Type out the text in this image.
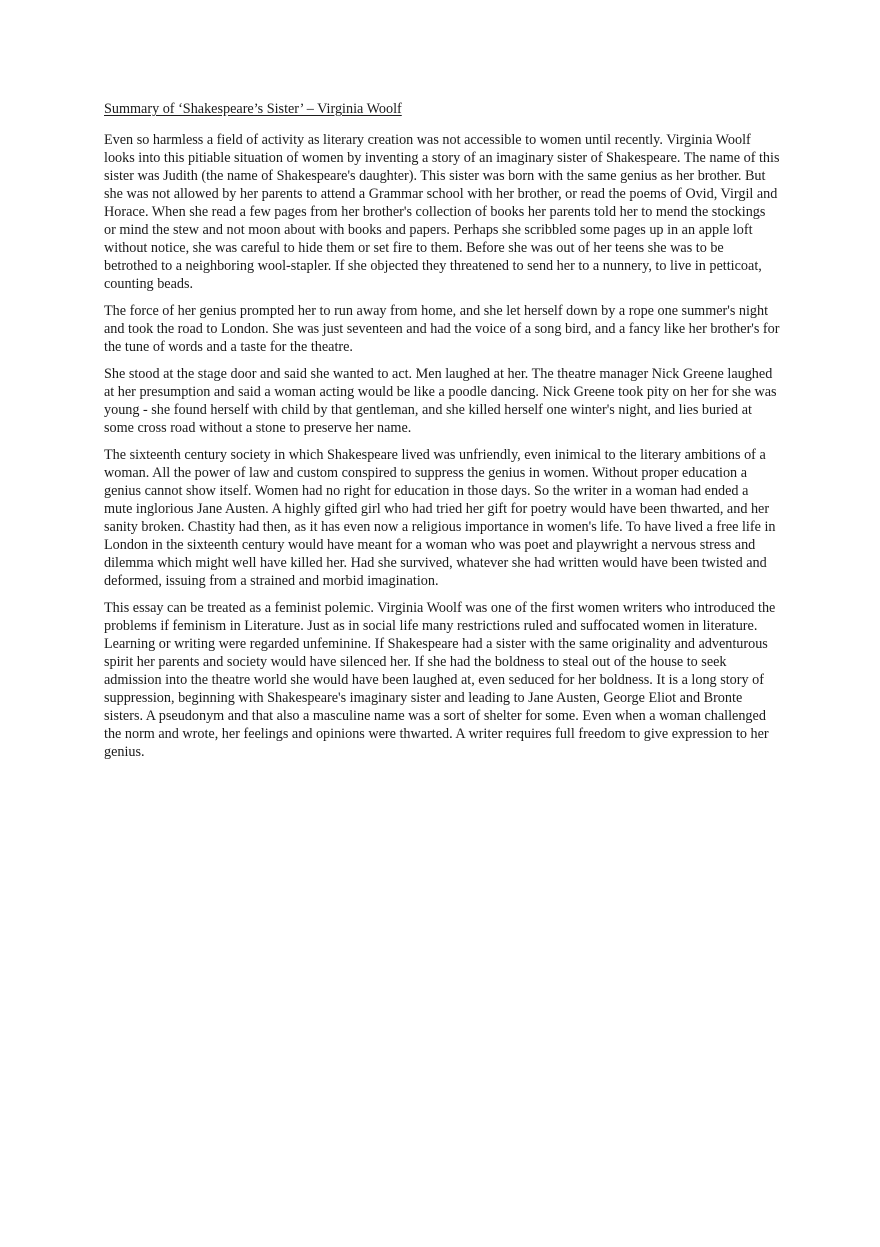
Summary of ‘Shakespeare’s Sister’ – Virginia Woolf

Even so harmless a field of activity as literary creation was not accessible to women until recently. Virginia Woolf looks into this pitiable situation of women by inventing a story of an imaginary sister of Shakespeare. The name of this sister was Judith (the name of Shakespeare's daughter). This sister was born with the same genius as her brother. But she was not allowed by her parents to attend a Grammar school with her brother, or read the poems of Ovid, Virgil and Horace. When she read a few pages from her brother's collection of books her parents told her to mend the stockings or mind the stew and not moon about with books and papers. Perhaps she scribbled some pages up in an apple loft without notice, she was careful to hide them or set fire to them. Before she was out of her teens she was to be betrothed to a neighboring wool-stapler. If she objected they threatened to send her to a nunnery, to live in petticoat, counting beads.

The force of her genius prompted her to run away from home, and she let herself down by a rope one summer's night and took the road to London. She was just seventeen and had the voice of a song bird, and a fancy like her brother's for the tune of words and a taste for the theatre.

She stood at the stage door and said she wanted to act. Men laughed at her. The theatre manager Nick Greene laughed at her presumption and said a woman acting would be like a poodle dancing. Nick Greene took pity on her for she was young - she found herself with child by that gentleman, and she killed herself one winter's night, and lies buried at some cross road without a stone to preserve her name.

The sixteenth century society in which Shakespeare lived was unfriendly, even inimical to the literary ambitions of a woman. All the power of law and custom conspired to suppress the genius in women. Without proper education a genius cannot show itself. Women had no right for education in those days. So the writer in a woman had ended a mute inglorious Jane Austen. A highly gifted girl who had tried her gift for poetry would have been thwarted, and her sanity broken. Chastity had then, as it has even now a religious importance in women's life. To have lived a free life in London in the sixteenth century would have meant for a woman who was poet and playwright a nervous stress and dilemma which might well have killed her. Had she survived, whatever she had written would have been twisted and deformed, issuing from a strained and morbid imagination.

This essay can be treated as a feminist polemic. Virginia Woolf was one of the first women writers who introduced the problems if feminism in Literature. Just as in social life many restrictions ruled and suffocated women in literature. Learning or writing were regarded unfeminine. If Shakespeare had a sister with the same originality and adventurous spirit her parents and society would have silenced her. If she had the boldness to steal out of the house to seek admission into the theatre world she would have been laughed at, even seduced for her boldness. It is a long story of suppression, beginning with Shakespeare's imaginary sister and leading to Jane Austen, George Eliot and Bronte sisters. A pseudonym and that also a masculine name was a sort of shelter for some. Even when a woman challenged the norm and wrote, her feelings and opinions were thwarted. A writer requires full freedom to give expression to her genius.
